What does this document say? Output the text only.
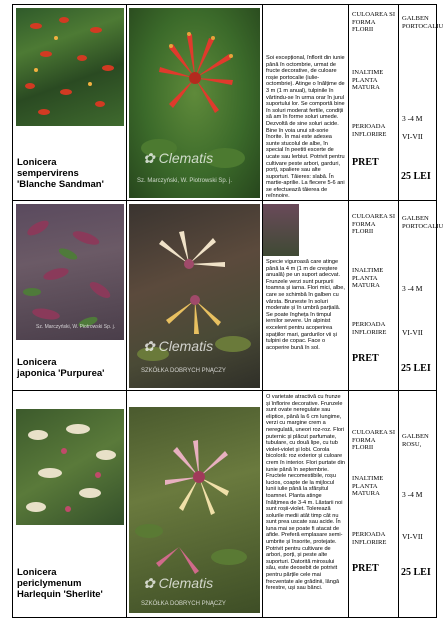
Lonicera
sempervirens
'Blanche Sandman'
✿ Clematis
Sz. Marczyński, W. Piotrowski Sp. j.
Soi excepțional, înflorit din iunie până în octombrie, urmat de fructe decorative, de culoare roșie portocalie (iulie-octombrie). Atinge o înălțime de 3 m (1 m anual), tulpinile în vârtindu-se în urma orar în jurul suportului lor. Se comportă bine în soluri moderat fertile, condiții să am în forme soluri umede. Dezvoltă de sine soluri acide. Bine în voia unui sit-sorie înorite. În mai este adesea sunte stucolul de albe, în special în peetiti escerte de ucate sau lerbiut. Potrivit pentru cultivare peste arbori, garduri, porți, spaliere sau alte suporturi. Tăieres: slabă. În martie-aprilie. La flecere 5-6 ani se efectuează tăierea de reînnoire.
CULOAREA SI FORMA FLORII
INALTIME PLANTA MATURA
PERIOADA INFLORIRE
PRET
GALBEN PORTOCALIU
3 -4 M
VI-VII
25 LEI
Sz. Marczyński, W. Piotrowski Sp. j.
Lonicera
japonica 'Purpurea'
✿ Clematis
SZKÓŁKA DOBRYCH PNĄCZY
Specie viguroasă care atinge până la 4 m (1 m de creștere anuală) pe un suport adecvat. Frunzele verzi sunt purpurii toamna și iarna. Flori mici, albe, care se schimbă în galben cu vârsta. Bruneste în soluri moderate și în umbră parțială. Se poate îngheța în timpul iernilor severe. Un alpinist excelent pentru acoperirea spațiilor mari, gardurilor vii și tulpini de copac. Face o acoperire bună în sol.
CULOAREA SI FORMA FLORII
INALTIME PLANTA MATURA
PERIOADA INFLORIRE
PRET
GALBEN PORTOCALIU
3 -4 M
VI-VII
25 LEI
Lonicera
periclymenum
Harlequin 'Sherlite'
✿ Clematis
SZKÓŁKA DOBRYCH PNĄCZY
O varietate atractivă cu frunze și înflorire decorative. Frunzele sunt ovate neregulate sau eliptice, până la 6 cm lungime, verzi cu margine crem a neregulată, uneori roz-roz. Flori puternic și plăcut parfumate, tubulare, cu două lipe, cu tub violet-violet și lobi. Corola bicoloră: roz exterior și culoare crem în interior. Flori purtate din iunie până în septembrie. Fructele necomestibile, roșu lucios, coapte de la mijlocul lunii iulie până la sfârșitul toamnei. Planta atinge înălțimea de 3-4 m. Lăstarii noi sunt roșii-violet. Tolerează solurile medii atât timp cât nu sunt prea uscate sau acide. În luna mai se poate fi atacat de afide. Preferă emplasare semi-umbrite și însorite, protejate. Potrivit pentru cultivare de arbori, porți, și peste alte suporturi. Datorită mirosului său, este deosebit de potrivit pentru părțile cele mai frecventate ale grădinii, lângă ferestre, uși sau bănci.
CULOAREA SI FORMA FLORII
INALTIME PLANTA MATURA
PERIOADA INFLORIRE
PRET
GALBEN ROSU,
3 -4 M
VI-VII
25 LEI
